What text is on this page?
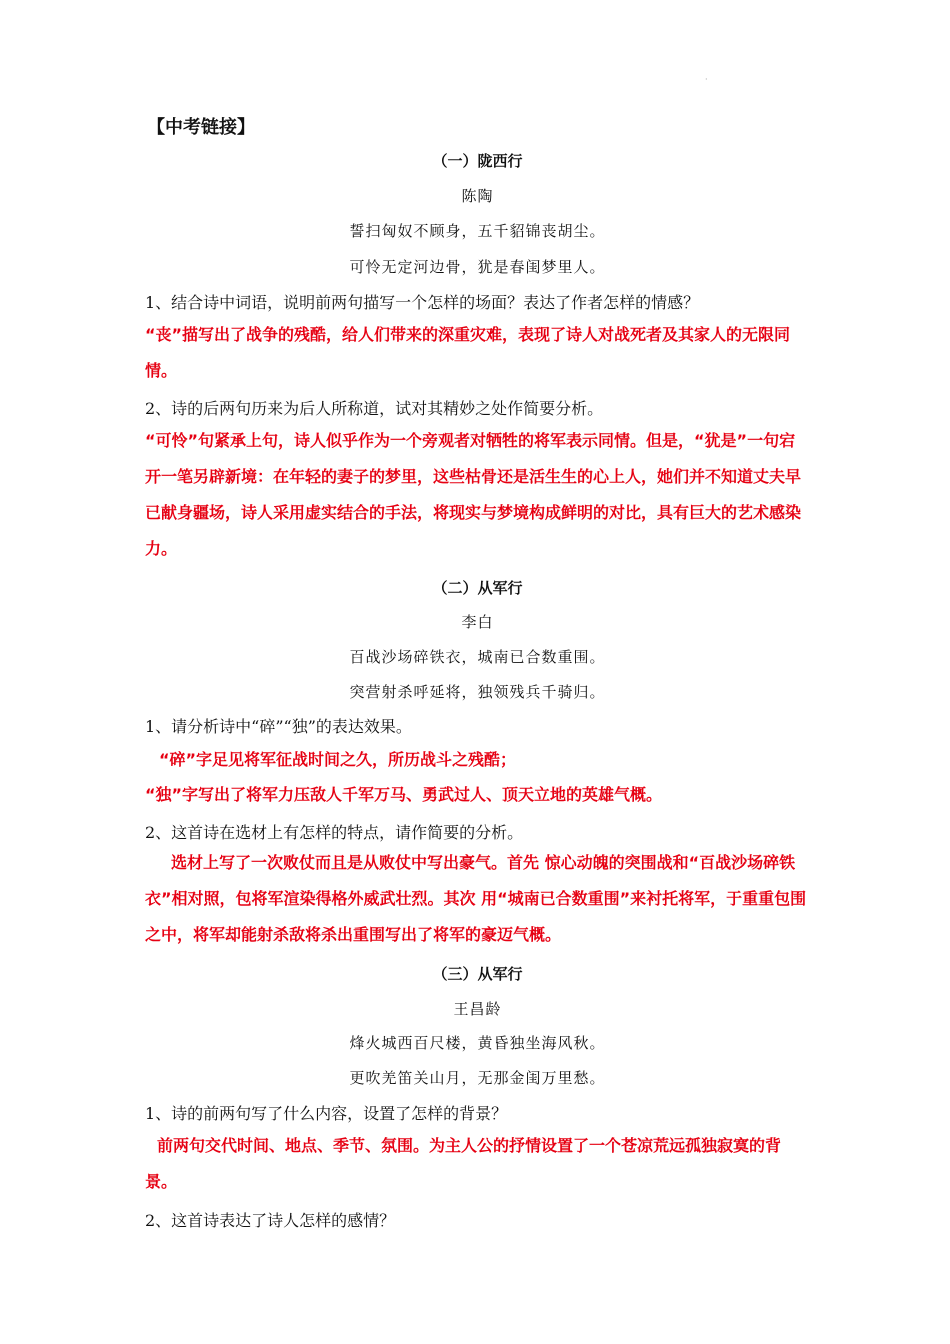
·
【中考链接】
（一）陇西行
陈陶
誓扫匈奴不顾身，五千貂锦丧胡尘。
可怜无定河边骨，犹是春闺梦里人。
1、结合诗中词语，说明前两句描写一个怎样的场面？表达了作者怎样的情感？
“丧”描写出了战争的残酷，给人们带来的深重灾难，表现了诗人对战死者及其家人的无限同情。
2、诗的后两句历来为后人所称道，试对其精妙之处作简要分析。
“可怜”句紧承上句，诗人似乎作为一个旁观者对牺牲的将军表示同情。但是，“犹是”一句宕开一笔另辟新境：在年轻的妻子的梦里，这些枯骨还是活生生的心上人，她们并不知道丈夫早已献身疆场，诗人采用虚实结合的手法，将现实与梦境构成鲜明的对比，具有巨大的艺术感染力。
（二）从军行
李白
百战沙场碎铁衣，城南已合数重围。
突营射杀呼延将，独领残兵千骑归。
1、请分析诗中“碎”“独”的表达效果。
“碎”字足见将军征战时间之久，所历战斗之残酷；
“独”字写出了将军力压敌人千军万马、勇武过人、顶天立地的英雄气概。
2、这首诗在选材上有怎样的特点，请作简要的分析。
选材上写了一次败仗而且是从败仗中写出豪气。首先 惊心动魄的突围战和“百战沙场碎铁衣”相对照，包将军渲染得格外威武壮烈。其次 用“城南已合数重围”来衬托将军，于重重包围之中，将军却能射杀敌将杀出重围写出了将军的豪迈气概。
（三）从军行
王昌龄
烽火城西百尺楼，黄昏独坐海风秋。
更吹羌笛关山月，无那金闺万里愁。
1、诗的前两句写了什么内容，设置了怎样的背景？
前两句交代时间、地点、季节、氛围。为主人公的抒情设置了一个苍凉荒远孤独寂寞的背景。
2、这首诗表达了诗人怎样的感情？
